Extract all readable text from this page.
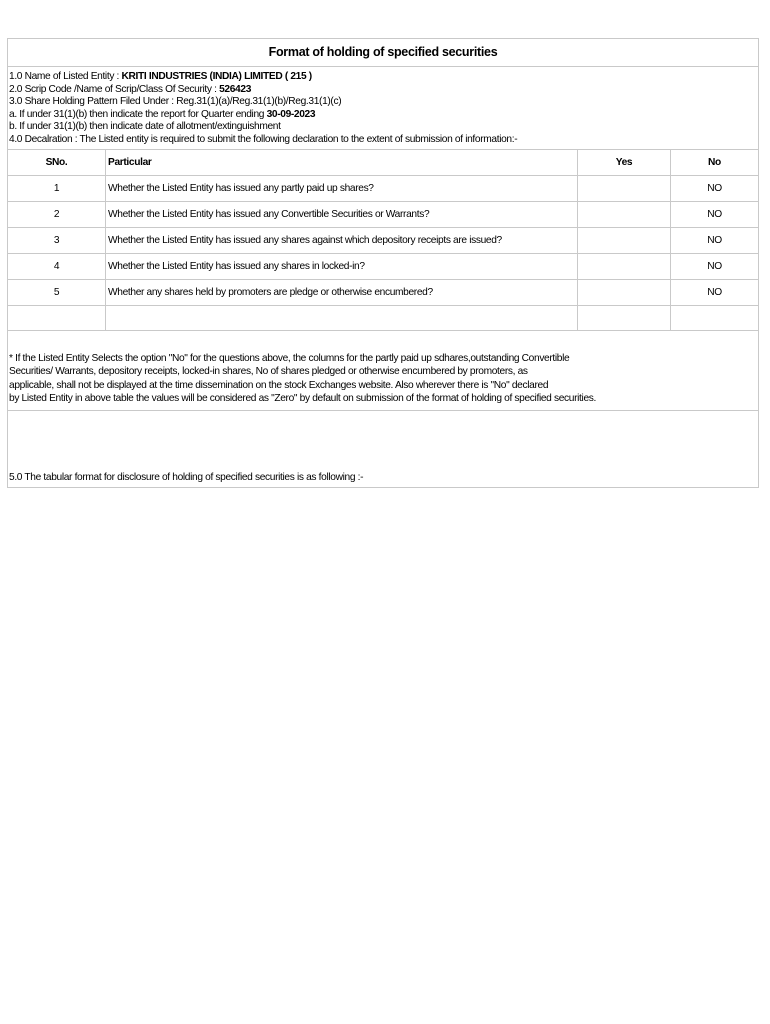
Format of holding of specified securities
1.0 Name of Listed Entity : KRITI INDUSTRIES (INDIA) LIMITED ( 215 )
2.0 Scrip Code /Name of Scrip/Class Of Security : 526423
3.0 Share Holding Pattern Filed Under : Reg.31(1)(a)/Reg.31(1)(b)/Reg.31(1)(c)
a. If under 31(1)(b) then indicate the report for Quarter ending 30-09-2023
b. If under 31(1)(b) then indicate date of allotment/extinguishment
4.0 Decalration : The Listed entity is required to submit the following declaration to the extent of submission of information:-
SNo.	Particular	Yes	No
1	Whether the Listed Entity has issued any partly paid up shares?		NO
2	Whether the Listed Entity has issued any Convertible Securities or Warrants?		NO
3	Whether the Listed Entity has issued any shares against which depository receipts are issued?		NO
4	Whether the Listed Entity has issued any shares in locked-in?		NO
5	Whether any shares held by promoters are pledge or otherwise encumbered?		NO

* If the Listed Entity Selects the option "No" for the questions above, the columns for the partly paid up sdhares,outstanding Convertible
Securities/ Warrants, depository receipts, locked-in shares, No of shares pledged or otherwise encumbered by promoters, as
applicable, shall not be displayed at the time dissemination on the stock Exchanges website. Also wherever there is "No" declared
by Listed Entity in above table the values will be considered as "Zero" by default on submission of the format of holding of specified securities.
5.0 The tabular format for disclosure of holding of specified securities is as following :-
